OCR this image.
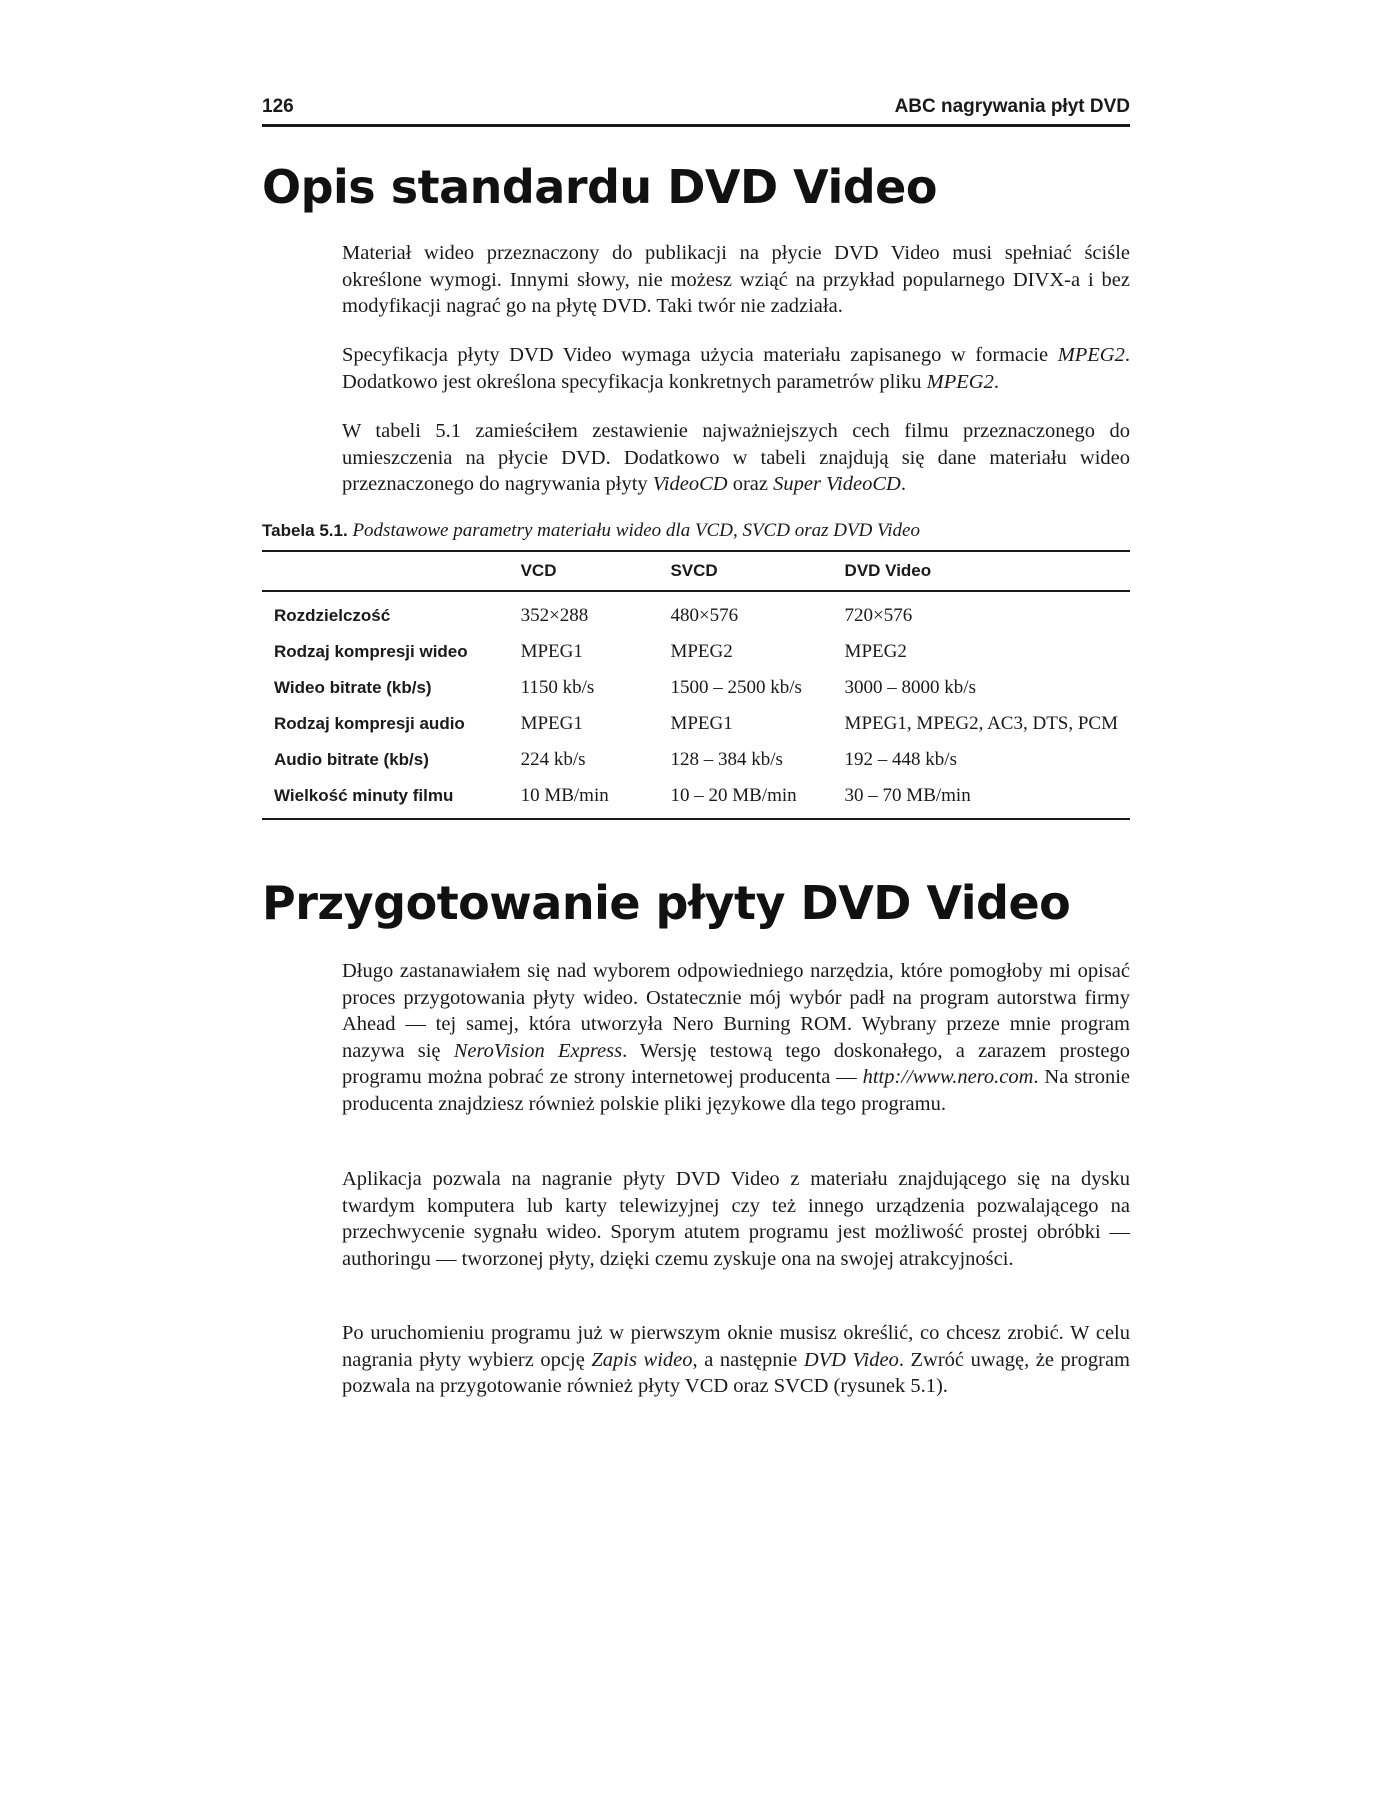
126	ABC nagrywania płyt DVD
Opis standardu DVD Video

Materiał wideo przeznaczony do publikacji na płycie DVD Video musi spełniać ściśle określone wymogi. Innymi słowy, nie możesz wziąć na przykład popularnego DIVX-a i bez modyfikacji nagrać go na płytę DVD. Taki twór nie zadziała.

Specyfikacja płyty DVD Video wymaga użycia materiału zapisanego w formacie MPEG2. Dodatkowo jest określona specyfikacja konkretnych parametrów pliku MPEG2.

W tabeli 5.1 zamieściłem zestawienie najważniejszych cech filmu przeznaczonego do umieszczenia na płycie DVD. Dodatkowo w tabeli znajdują się dane materiału wideo przeznaczonego do nagrywania płyty VideoCD oraz Super VideoCD.

Tabela 5.1. Podstawowe parametry materiału wideo dla VCD, SVCD oraz DVD Video
	VCD	SVCD	DVD Video
Rozdzielczość	352×288	480×576	720×576
Rodzaj kompresji wideo	MPEG1	MPEG2	MPEG2
Wideo bitrate (kb/s)	1150 kb/s	1500 – 2500 kb/s	3000 – 8000 kb/s
Rodzaj kompresji audio	MPEG1	MPEG1	MPEG1, MPEG2, AC3, DTS, PCM
Audio bitrate (kb/s)	224 kb/s	128 – 384 kb/s	192 – 448 kb/s
Wielkość minuty filmu	10 MB/min	10 – 20 MB/min	30 – 70 MB/min
Przygotowanie płyty DVD Video

Długo zastanawiałem się nad wyborem odpowiedniego narzędzia, które pomogłoby mi opisać proces przygotowania płyty wideo. Ostatecznie mój wybór padł na program autorstwa firmy Ahead — tej samej, która utworzyła Nero Burning ROM. Wybrany przeze mnie program nazywa się NeroVision Express. Wersję testową tego doskonałego, a zarazem prostego programu można pobrać ze strony internetowej producenta — http://www.nero.com. Na stronie producenta znajdziesz również polskie pliki językowe dla tego programu.

Aplikacja pozwala na nagranie płyty DVD Video z materiału znajdującego się na dysku twardym komputera lub karty telewizyjnej czy też innego urządzenia pozwalającego na przechwycenie sygnału wideo. Sporym atutem programu jest możliwość prostej obróbki — authoringu — tworzonej płyty, dzięki czemu zyskuje ona na swojej atrakcyjności.

Po uruchomieniu programu już w pierwszym oknie musisz określić, co chcesz zrobić. W celu nagrania płyty wybierz opcję Zapis wideo, a następnie DVD Video. Zwróć uwagę, że program pozwala na przygotowanie również płyty VCD oraz SVCD (rysunek 5.1).
